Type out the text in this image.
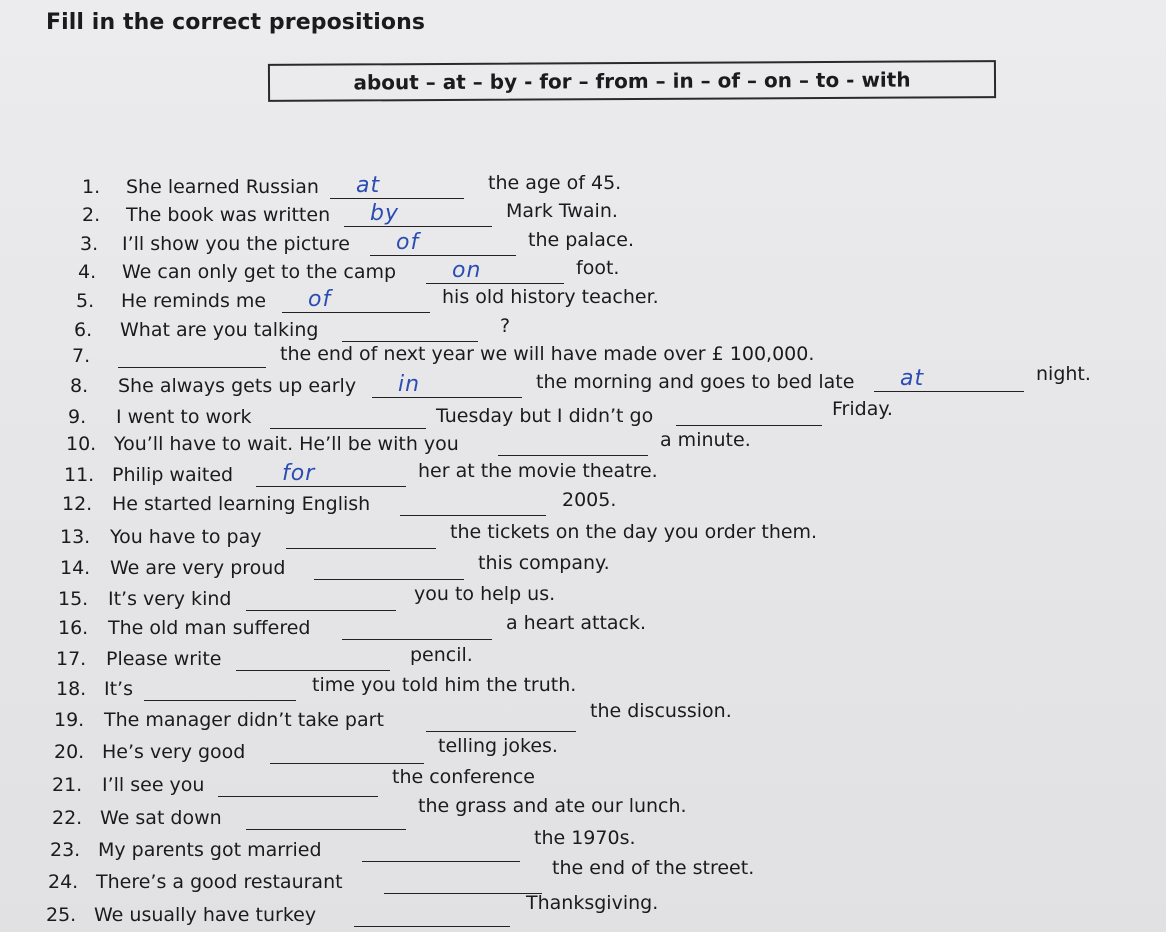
Fill in the correct prepositions
about – at – by - for – from – in – of – on – to - with
1.	She learned Russian at	the age of 45.
2.	The book was written by	Mark Twain.
3.	I’ll show you the picture of	the palace.
4.	We can only get to the camp	on	foot.
5.	He reminds me of	his old history teacher.
6.	What are you talking	?
7.	the end of next year we will have made over £ 100,000.
8.	She always gets up early in	the morning and goes to bed late at	night.
9.	I went to work	Tuesday but I didn’t go	Friday.
10. You’ll have to wait. He’ll be with you	a minute.
11. Philip waited for	her at the movie theatre.
12.	He started learning English	2005.
13.	You have to pay	the tickets on the day you order them.
14.	We are very proud	this company.
15.	It’s very kind	you to help us.
16.	The old man suffered	a heart attack.
17.	Please write	pencil.
18. It’s	time you told him the truth.
19.	The manager didn’t take part	the discussion.
20. He’s very good	telling jokes.
21.	I’ll see you	the conference
22. We sat down
the grass and ate our lunch.
23. My parents got married
the 1970s.
24. There’s a good restaurant
the end of the street.
25. We usually have turkey
Thanksgiving.
